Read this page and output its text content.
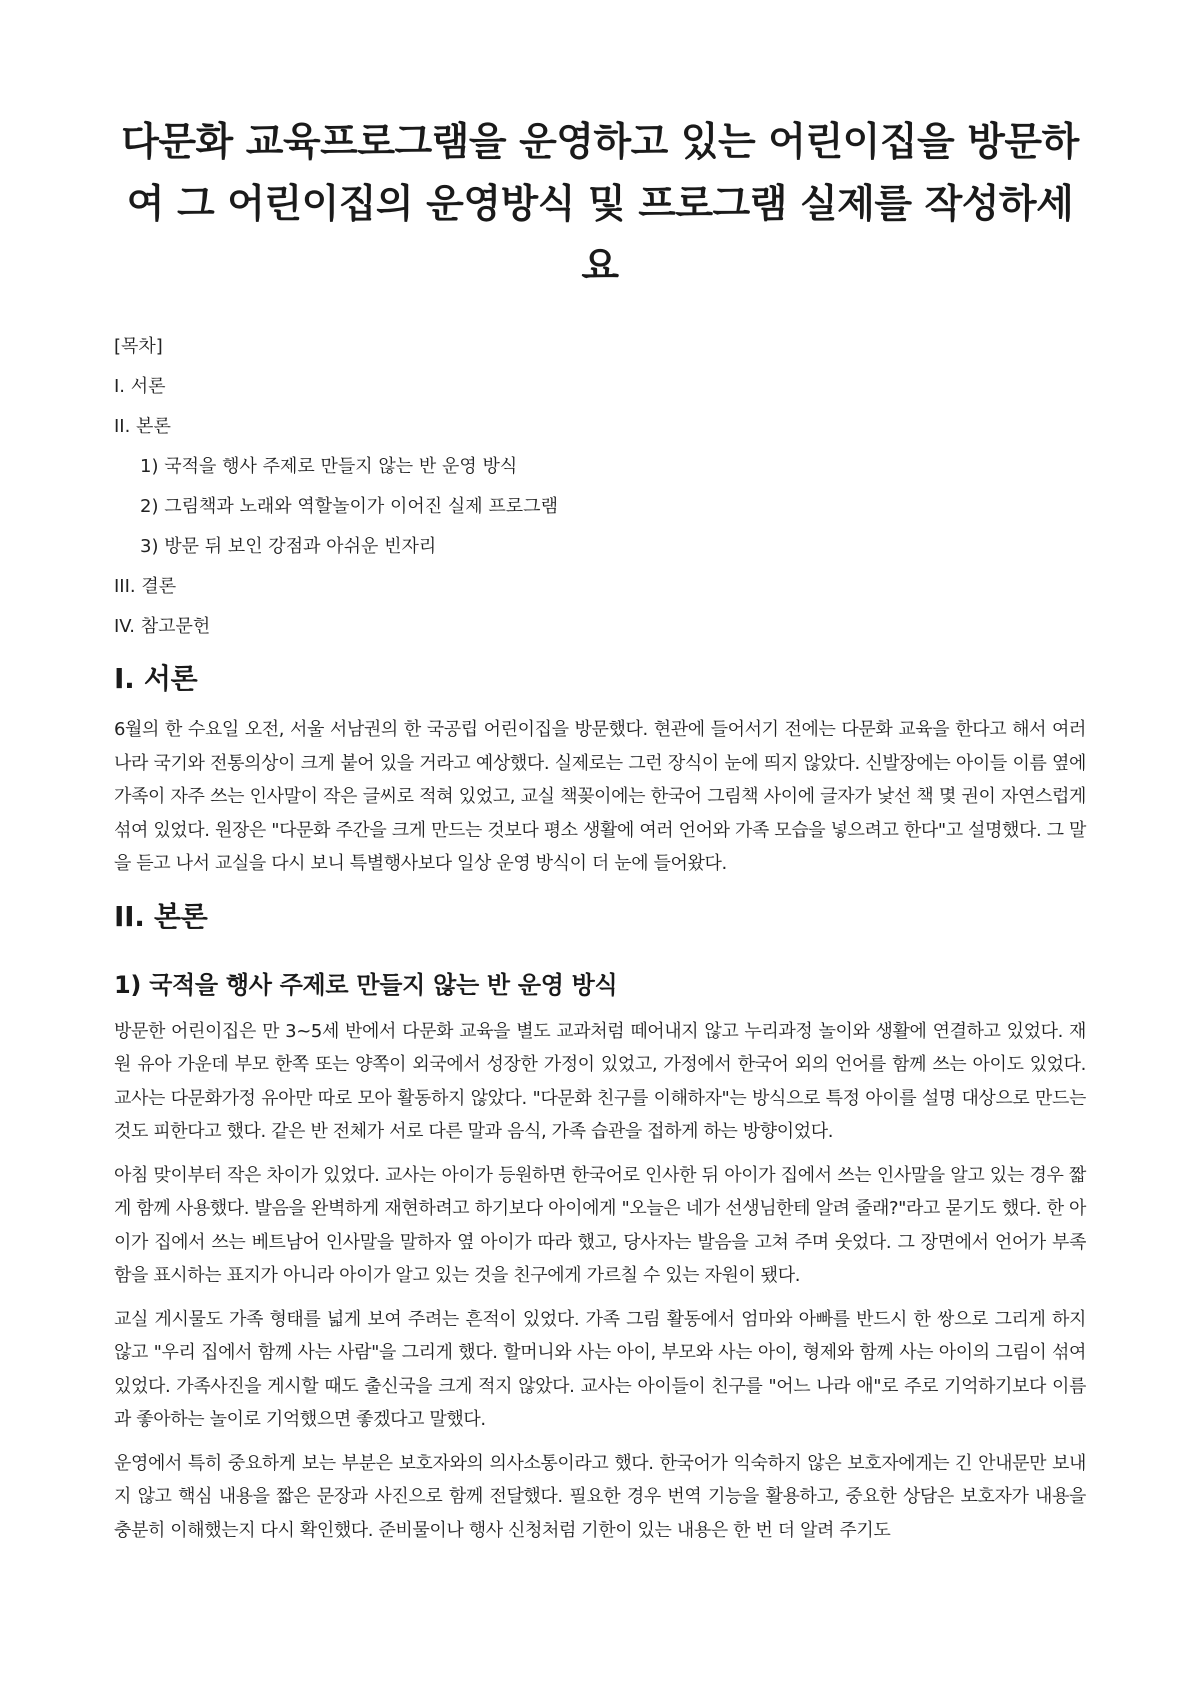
다문화 교육프로그램을 운영하고 있는 어린이집을 방문하여 그 어린이집의 운영방식 및 프로그램 실제를 작성하세요
[목차]
I. 서론
II. 본론
1) 국적을 행사 주제로 만들지 않는 반 운영 방식
2) 그림책과 노래와 역할놀이가 이어진 실제 프로그램
3) 방문 뒤 보인 강점과 아쉬운 빈자리
III. 결론
IV. 참고문헌
I. 서론

6월의 한 수요일 오전, 서울 서남권의 한 국공립 어린이집을 방문했다. 현관에 들어서기 전에는 다문화 교육을 한다고 해서 여러 나라 국기와 전통의상이 크게 붙어 있을 거라고 예상했다. 실제로는 그런 장식이 눈에 띄지 않았다. 신발장에는 아이들 이름 옆에 가족이 자주 쓰는 인사말이 작은 글씨로 적혀 있었고, 교실 책꽂이에는 한국어 그림책 사이에 글자가 낯선 책 몇 권이 자연스럽게 섞여 있었다. 원장은 "다문화 주간을 크게 만드는 것보다 평소 생활에 여러 언어와 가족 모습을 넣으려고 한다"고 설명했다. 그 말을 듣고 나서 교실을 다시 보니 특별행사보다 일상 운영 방식이 더 눈에 들어왔다.

II. 본론
1) 국적을 행사 주제로 만들지 않는 반 운영 방식

방문한 어린이집은 만 3~5세 반에서 다문화 교육을 별도 교과처럼 떼어내지 않고 누리과정 놀이와 생활에 연결하고 있었다. 재원 유아 가운데 부모 한쪽 또는 양쪽이 외국에서 성장한 가정이 있었고, 가정에서 한국어 외의 언어를 함께 쓰는 아이도 있었다. 교사는 다문화가정 유아만 따로 모아 활동하지 않았다. "다문화 친구를 이해하자"는 방식으로 특정 아이를 설명 대상으로 만드는 것도 피한다고 했다. 같은 반 전체가 서로 다른 말과 음식, 가족 습관을 접하게 하는 방향이었다.

아침 맞이부터 작은 차이가 있었다. 교사는 아이가 등원하면 한국어로 인사한 뒤 아이가 집에서 쓰는 인사말을 알고 있는 경우 짧게 함께 사용했다. 발음을 완벽하게 재현하려고 하기보다 아이에게 "오늘은 네가 선생님한테 알려 줄래?"라고 묻기도 했다. 한 아이가 집에서 쓰는 베트남어 인사말을 말하자 옆 아이가 따라 했고, 당사자는 발음을 고쳐 주며 웃었다. 그 장면에서 언어가 부족함을 표시하는 표지가 아니라 아이가 알고 있는 것을 친구에게 가르칠 수 있는 자원이 됐다.

교실 게시물도 가족 형태를 넓게 보여 주려는 흔적이 있었다. 가족 그림 활동에서 엄마와 아빠를 반드시 한 쌍으로 그리게 하지 않고 "우리 집에서 함께 사는 사람"을 그리게 했다. 할머니와 사는 아이, 부모와 사는 아이, 형제와 함께 사는 아이의 그림이 섞여 있었다. 가족사진을 게시할 때도 출신국을 크게 적지 않았다. 교사는 아이들이 친구를 "어느 나라 애"로 주로 기억하기보다 이름과 좋아하는 놀이로 기억했으면 좋겠다고 말했다.

운영에서 특히 중요하게 보는 부분은 보호자와의 의사소통이라고 했다. 한국어가 익숙하지 않은 보호자에게는 긴 안내문만 보내지 않고 핵심 내용을 짧은 문장과 사진으로 함께 전달했다. 필요한 경우 번역 기능을 활용하고, 중요한 상담은 보호자가 내용을 충분히 이해했는지 다시 확인했다. 준비물이나 행사 신청처럼 기한이 있는 내용은 한 번 더 알려 주기도
